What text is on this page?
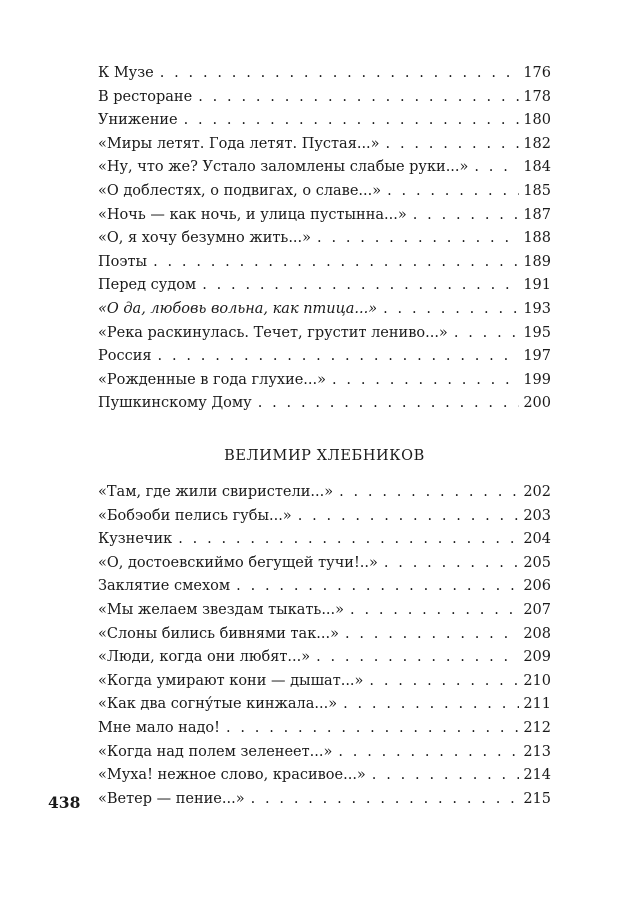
К Музе . . .	176
В ресторане . . .	178
Унижение . . .	180
«Миры летят. Года летят. Пустая...» . . .	182
«Ну, что же? Устало заломлены слабые руки...» . . .	184
«О доблестях, о подвигах, о славе...» . . .	185
«Ночь — как ночь, и улица пустынна...» . . .	187
«О, я хочу безумно жить...» . . .	188
Поэты . . .	189
Перед судом . . .	191
«О да, любовь вольна, как птица...» . . .	193
«Река раскинулась. Течет, грустит лениво...» . . .	195
Россия . . .	197
«Рожденные в года глухие...» . . .	199
Пушкинскому Дому . . .	200
ВЕЛИМИР ХЛЕБНИКОВ
«Там, где жили свиристели...» . . .	202
«Бобэоби пелись губы...» . . .	203
Кузнечик . . .	204
«О, достоевскиймо бегущей тучи!..» . . .	205
Заклятие смехом . . .	206
«Мы желаем звездам тыкать...» . . .	207
«Слоны бились бивнями так...» . . .	208
«Люди, когда они любят...» . . .	209
«Когда умирают кони — дышат...» . . .	210
«Как два согну́тые кинжала...» . . .	211
Мне мало надо! . . .	212
«Когда над полем зеленеет...» . . .	213
«Муха! нежное слово, красивое...» . . .	214
«Ветер — пение...» . . .	215

438
